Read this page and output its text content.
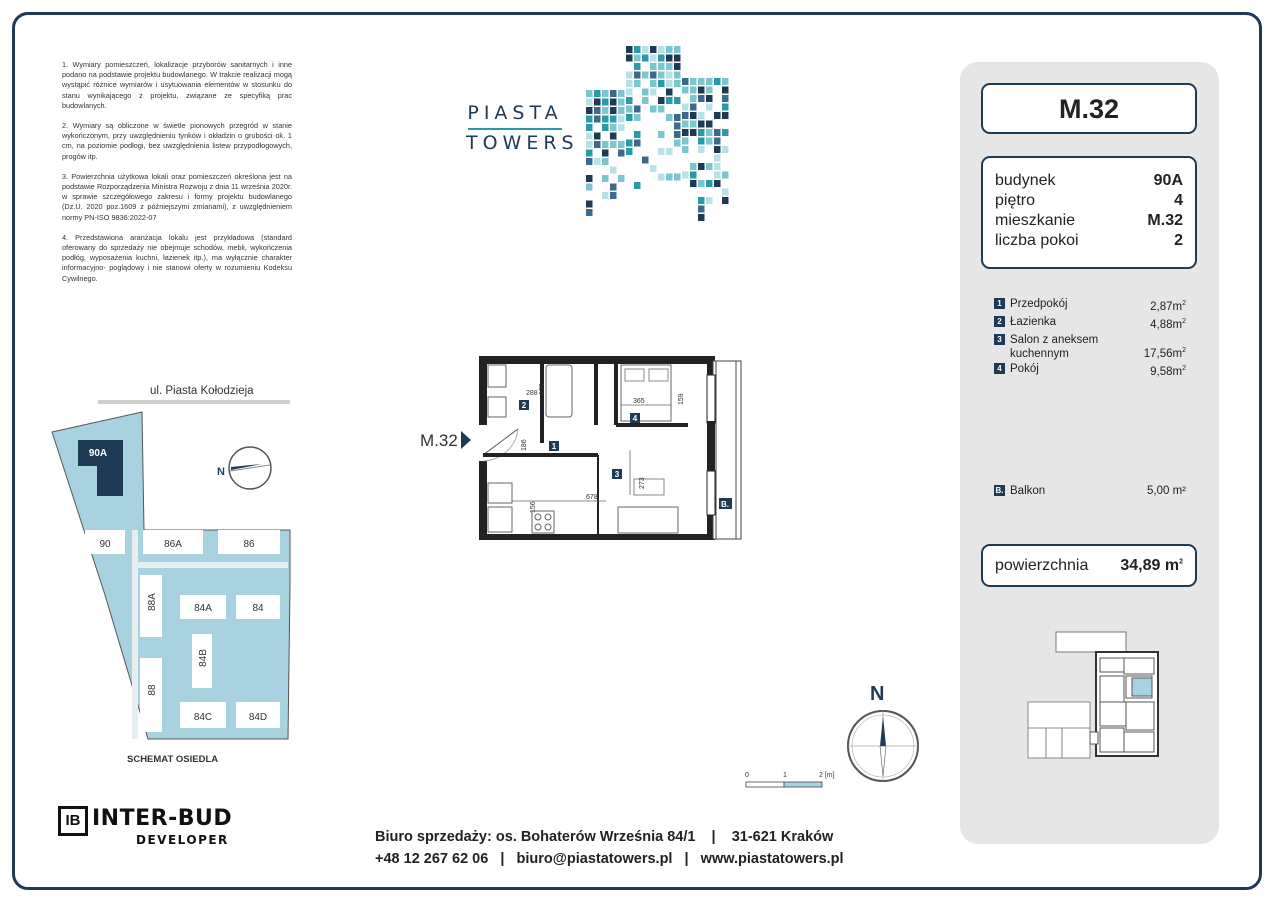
1. Wymiary pomieszczeń, lokalizacje przyborów sanitarnych i inne podano na podstawie projektu budowlanego. W trakcie realizacji mogą wystąpić różnice wymiarów i usytuowania elementów w stosunku do stanu wynikającego z projektu, związane ze specyfiką prac budowlanych.

2. Wymiary są obliczone w świetle pionowych przegród w stanie wykończonym, przy uwzględnieniu tynków i okładzin o grubości ok. 1 cm, na poziomie podłogi, bez uwzględnienia listew przypodłogowych, progów itp.

3. Powierzchnia użytkowa lokali oraz pomieszczeń określona jest na podstawie Rozporządzenia Ministra Rozwoju z dnia 11 września 2020r. w sprawie szczegółowego zakresu i formy projektu budowlanego (Dz.U. 2020 poz.1609 z późniejszymi zmianami), z uwzględnieniem normy PN-ISO 9836:2022-07

4. Przedstawiona aranżacja lokalu jest przykładowa (standard oferowany do sprzedaży nie obejmuje schodów, mebli, wykończenia podłóg, wyposażenia kuchni, łazienek itp.), ma wyłącznie charakter informacyjno- poglądowy i nie stanowi oferty w rozumieniu Kodeksu Cywilnego.

PIASTA
TOWERS
90A
90	86A	86
88A	84A	84
84B
88
84C	84D
N
ul. Piasta Kołodzieja
SCHEMAT OSIEDLA
M.32
288 173
365	159
186
273
678
156
1
2
3
4
B.
0	1	2 [m]
N
M.32
budynek	90A
piętro	4
mieszkanie	M.32
liczba pokoi	2
1 Przedpokój	$2,87m^2$
2 Łazienka	$4,88m^2$
3 Salon z aneksem kuchennym	$17,56m^2$
4 Pokój	$9,58m^2$
B. Balkon	5,00 m²
powierzchnia 34,89 $m^2$
IB INTER-BUD
DEVELOPER	Biuro sprzedaży: os. Bohaterów Września 84/1    |    31-621 Kraków
+48 12 267 62 06   |   biuro@piastatowers.pl   |   www.piastatowers.pl
